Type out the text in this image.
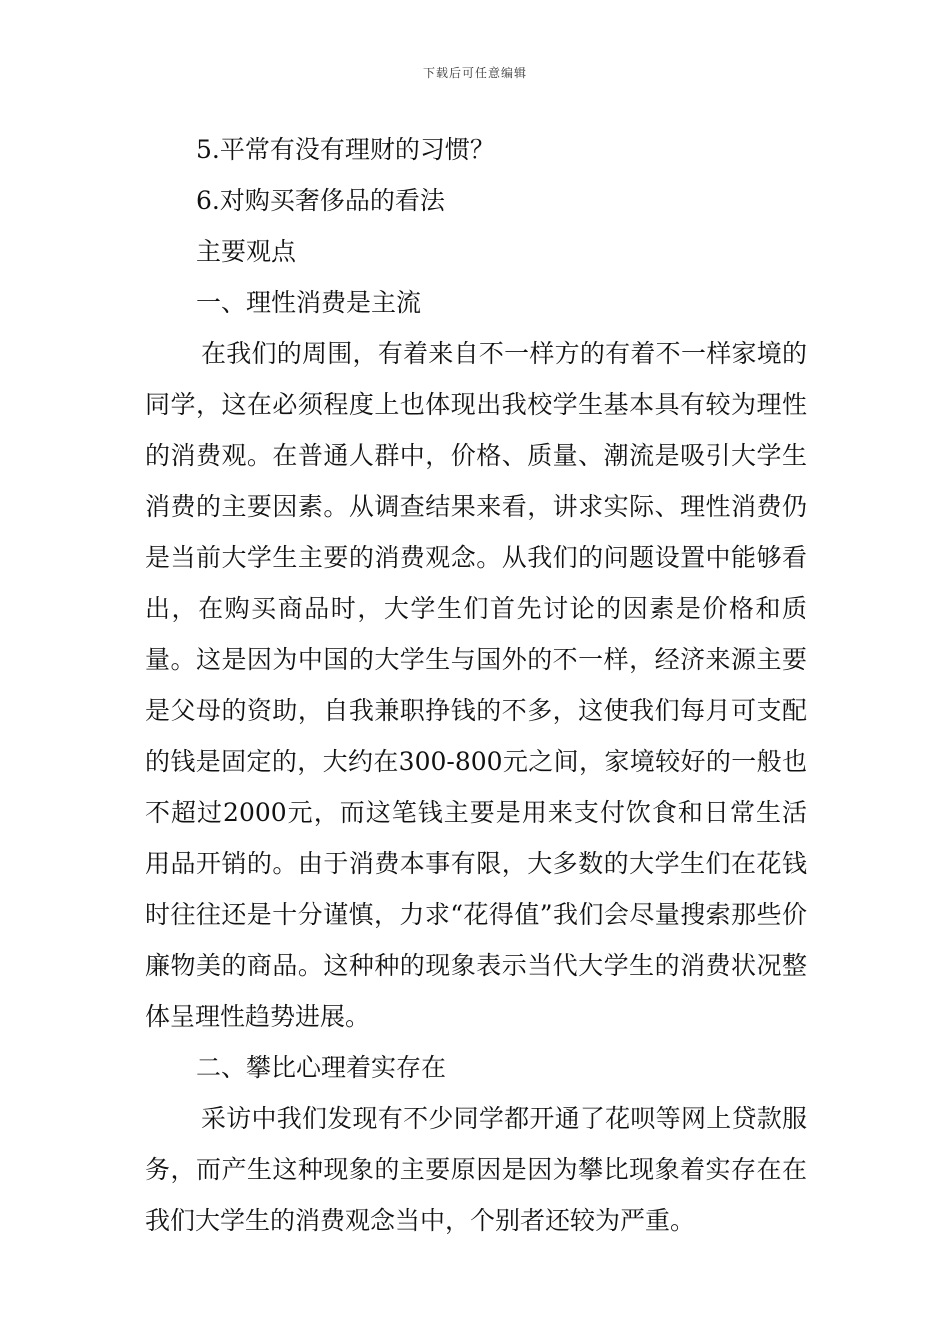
下载后可任意编辑

5.平常有没有理财的习惯？

6.对购买奢侈品的看法

主要观点

一、理性消费是主流

在我们的周围，有着来自不一样方的有着不一样家境的同学，这在必须程度上也体现出我校学生基本具有较为理性的消费观。在普通人群中，价格、质量、潮流是吸引大学生消费的主要因素。从调查结果来看，讲求实际、理性消费仍是当前大学生主要的消费观念。从我们的问题设置中能够看出，在购买商品时，大学生们首先讨论的因素是价格和质量。这是因为中国的大学生与国外的不一样，经济来源主要是父母的资助，自我兼职挣钱的不多，这使我们每月可支配的钱是固定的，大约在300-800元之间，家境较好的一般也不超过2000元，而这笔钱主要是用来支付饮食和日常生活用品开销的。由于消费本事有限，大多数的大学生们在花钱时往往还是十分谨慎，力求“花得值”我们会尽量搜索那些价廉物美的商品。这种种的现象表示当代大学生的消费状况整体呈理性趋势进展。

二、攀比心理着实存在

采访中我们发现有不少同学都开通了花呗等网上贷款服务，而产生这种现象的主要原因是因为攀比现象着实存在在我们大学生的消费观念当中，个别者还较为严重。
